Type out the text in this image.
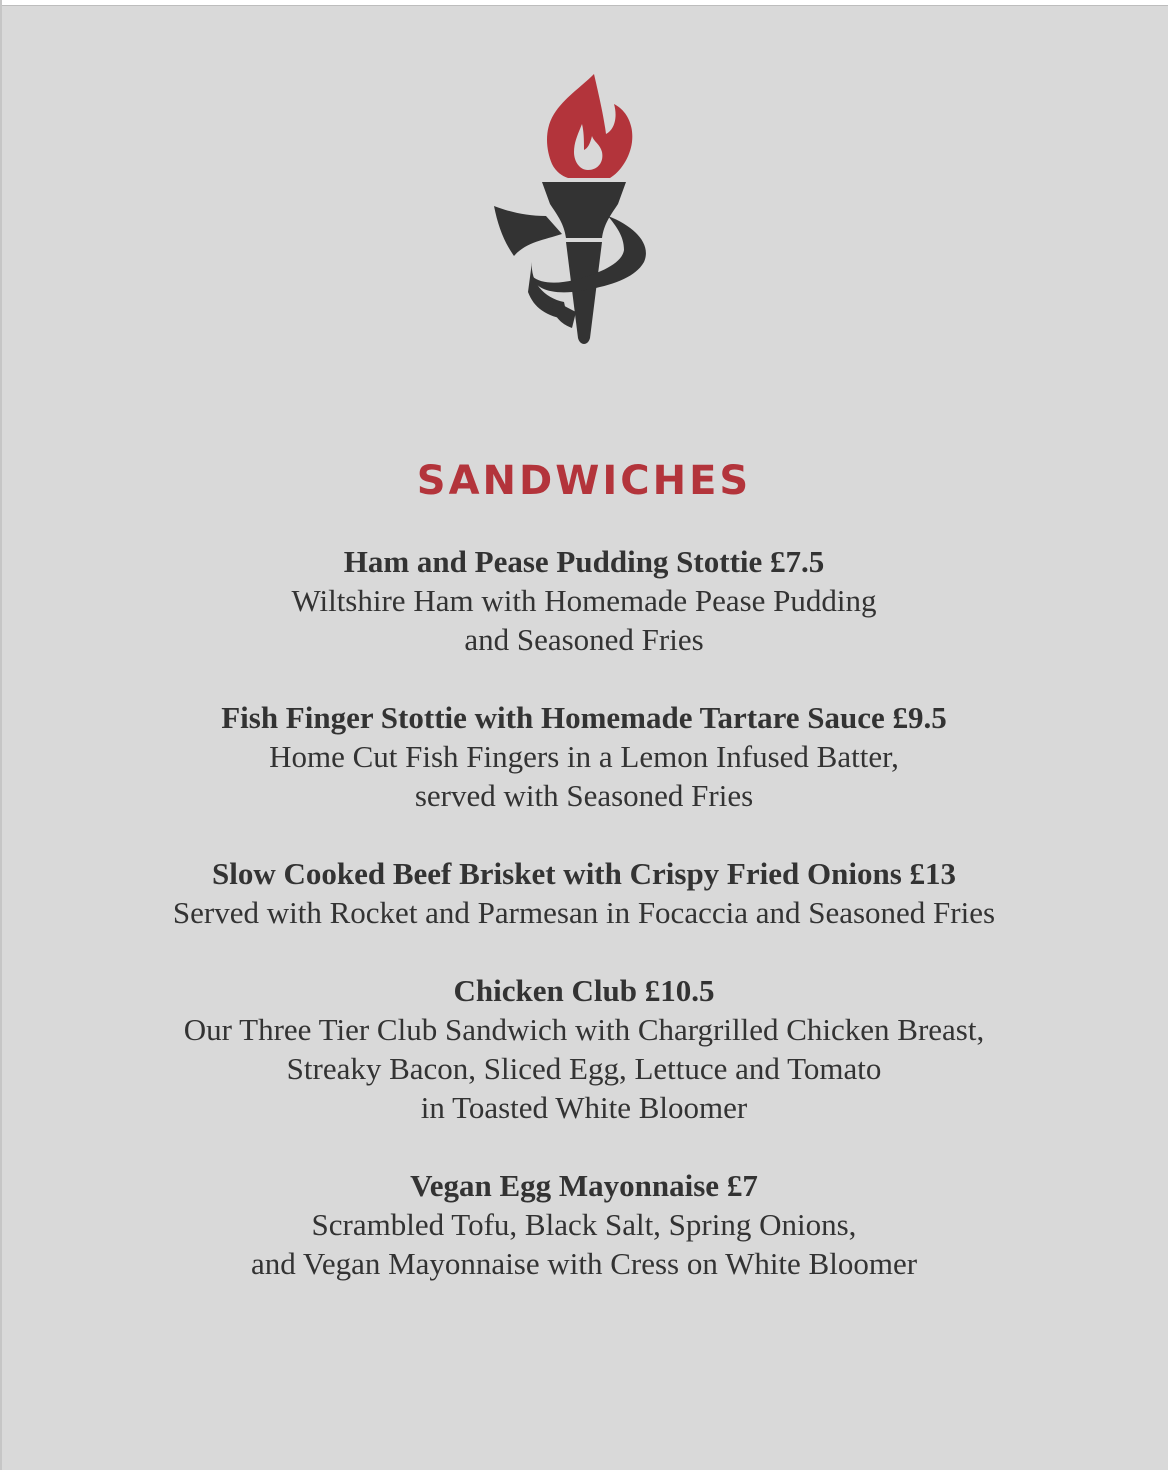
SANDWICHES
Ham and Pease Pudding Stottie £7.5
Wiltshire Ham with Homemade Pease Pudding
and Seasoned Fries
Fish Finger Stottie with Homemade Tartare Sauce £9.5
Home Cut Fish Fingers in a Lemon Infused Batter,
served with Seasoned Fries
Slow Cooked Beef Brisket with Crispy Fried Onions £13
Served with Rocket and Parmesan in Focaccia and Seasoned Fries
Chicken Club £10.5
Our Three Tier Club Sandwich with Chargrilled Chicken Breast,
Streaky Bacon, Sliced Egg, Lettuce and Tomato
in Toasted White Bloomer
Vegan Egg Mayonnaise £7
Scrambled Tofu, Black Salt, Spring Onions,
and Vegan Mayonnaise with Cress on White Bloomer
